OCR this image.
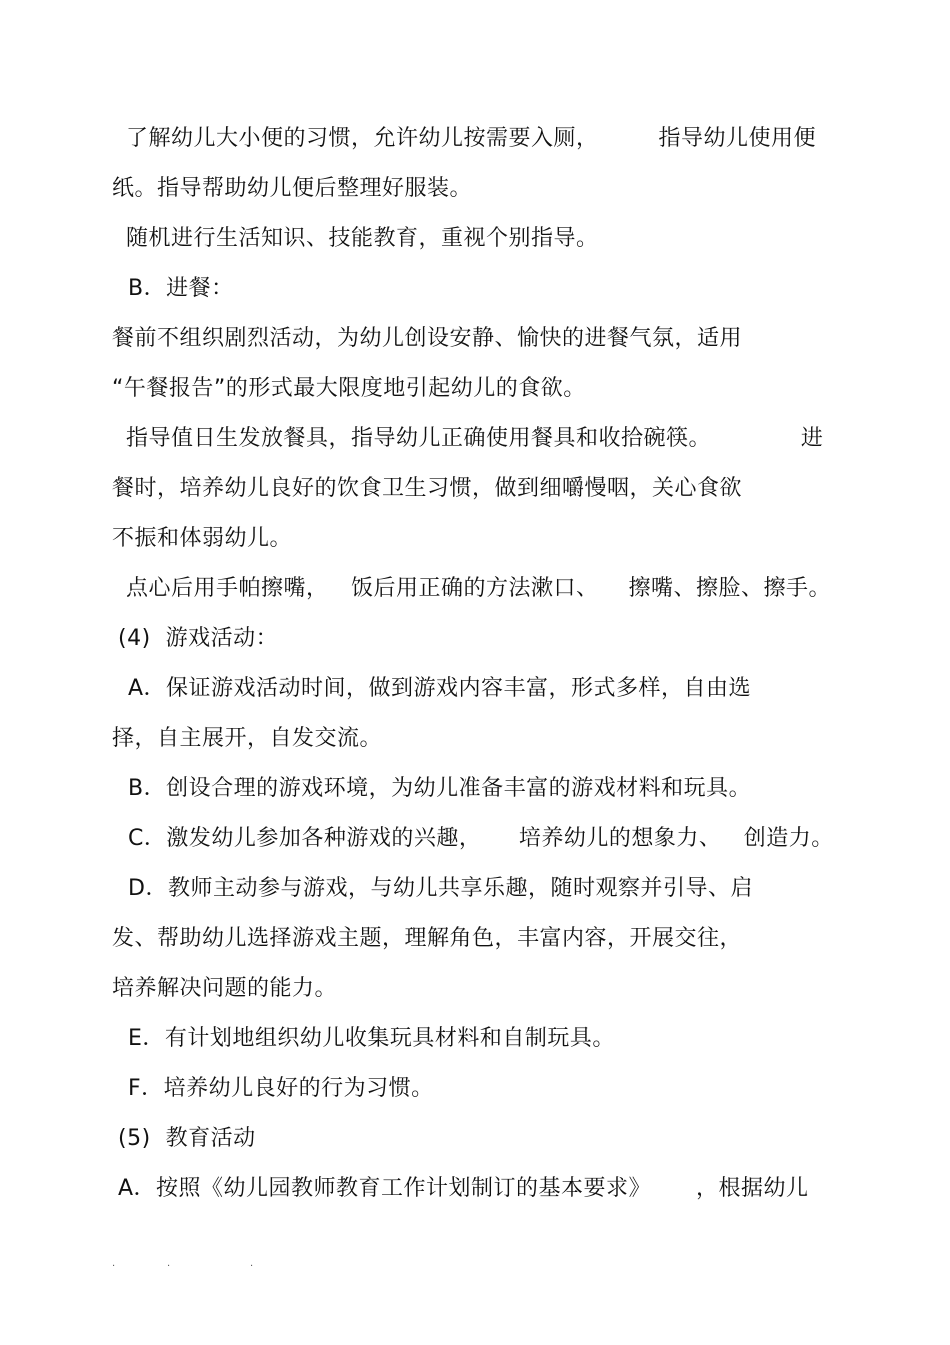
了解幼儿大小便的习惯，允许幼儿按需要入厕，        指导幼儿使用便
纸。指导帮助幼儿便后整理好服装。
随机进行生活知识、技能教育，重视个别指导。
B．进餐：
餐前不组织剧烈活动，为幼儿创设安静、愉快的进餐气氛，适用
“午餐报告”的形式最大限度地引起幼儿的食欲。
指导值日生发放餐具，指导幼儿正确使用餐具和收拾碗筷。            进
餐时，培养幼儿良好的饮食卫生习惯，做到细嚼慢咽，关心食欲
不振和体弱幼儿。
点心后用手帕擦嘴，   饭后用正确的方法漱口、    擦嘴、擦脸、擦手。
(4)  游戏活动：
A．保证游戏活动时间，做到游戏内容丰富，形式多样，自由选
择，自主展开，自发交流。
B．创设合理的游戏环境，为幼儿准备丰富的游戏材料和玩具。
C．激发幼儿参加各种游戏的兴趣，     培养幼儿的想象力、   创造力。
D．教师主动参与游戏，与幼儿共享乐趣，随时观察并引导、启
发、帮助幼儿选择游戏主题，理解角色，丰富内容，开展交往，
培养解决问题的能力。
E．有计划地组织幼儿收集玩具材料和自制玩具。
F．培养幼儿良好的行为习惯。
(5)  教育活动
A．按照《幼儿园教师教育工作计划制订的基本要求》      ，根据幼儿
.	.	.
